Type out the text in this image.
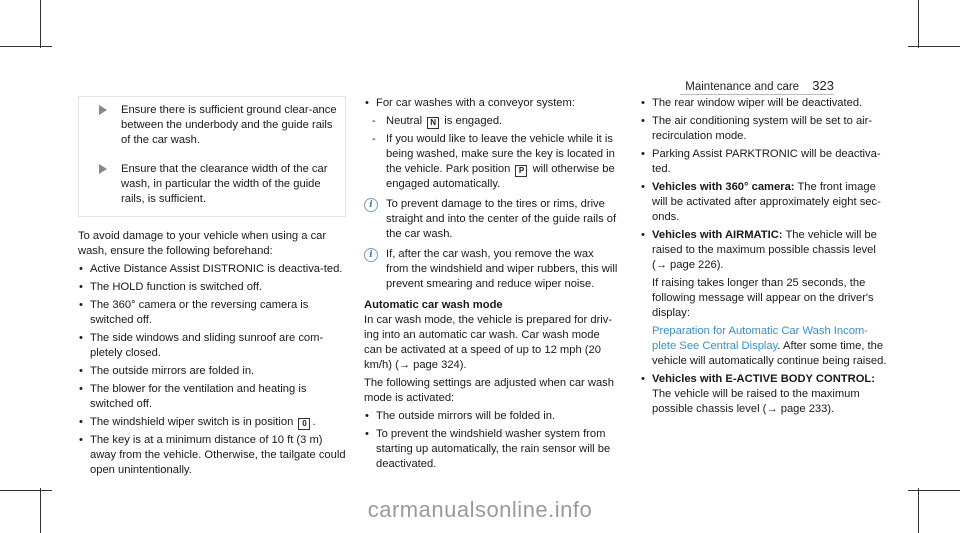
Maintenance and care 323
Ensure there is sufficient ground clear-ance between the underbody and the guide rails of the car wash.
Ensure that the clearance width of the car wash, in particular the width of the guide rails, is sufficient.

To avoid damage to your vehicle when using a car wash, ensure the following beforehand:

• Active Distance Assist DISTRONIC is deactiva-ted.
• The HOLD function is switched off.
• The 360° camera or the reversing camera is switched off.
• The side windows and sliding sunroof are com-pletely closed.
• The outside mirrors are folded in.
• The blower for the ventilation and heating is switched off.
• The windshield wiper switch is in position 0 .
• The key is at a minimum distance of 10 ft (3 m) away from the vehicle. Otherwise, the tailgate could open unintentionally.
• For car washes with a conveyor system:
- Neutral N is engaged.
- If you would like to leave the vehicle while it is being washed, make sure the key is located in the vehicle. Park position P will otherwise be engaged automatically.
i	To prevent damage to the tires or rims, drive straight and into the center of the guide rails of the car wash.
i	If, after the car wash, you remove the wax from the windshield and wiper rubbers, this will prevent smearing and reduce wiper noise.

Automatic car wash mode

In car wash mode, the vehicle is prepared for driv-ing into an automatic car wash. Car wash mode can be activated at a speed of up to 12 mph (20 km/h) (→ page 324).

The following settings are adjusted when car wash mode is activated:

• The outside mirrors will be folded in.
• To prevent the windshield washer system from starting up automatically, the rain sensor will be deactivated.
• The rear window wiper will be deactivated.
• The air conditioning system will be set to air-recirculation mode.
• Parking Assist PARKTRONIC will be deactiva-ted.
• Vehicles with 360° camera: The front image will be activated after approximately eight sec-onds.
• Vehicles with AIRMATIC: The vehicle will be raised to the maximum possible chassis level (→ page 226).
If raising takes longer than 25 seconds, the following message will appear on the driver's display:
Preparation for Automatic Car Wash Incom-plete See Central Display. After some time, the vehicle will automatically continue being raised.
• Vehicles with E-ACTIVE BODY CONTROL: The vehicle will be raised to the maximum possible chassis level (→ page 233).
carmanualsonline.info
